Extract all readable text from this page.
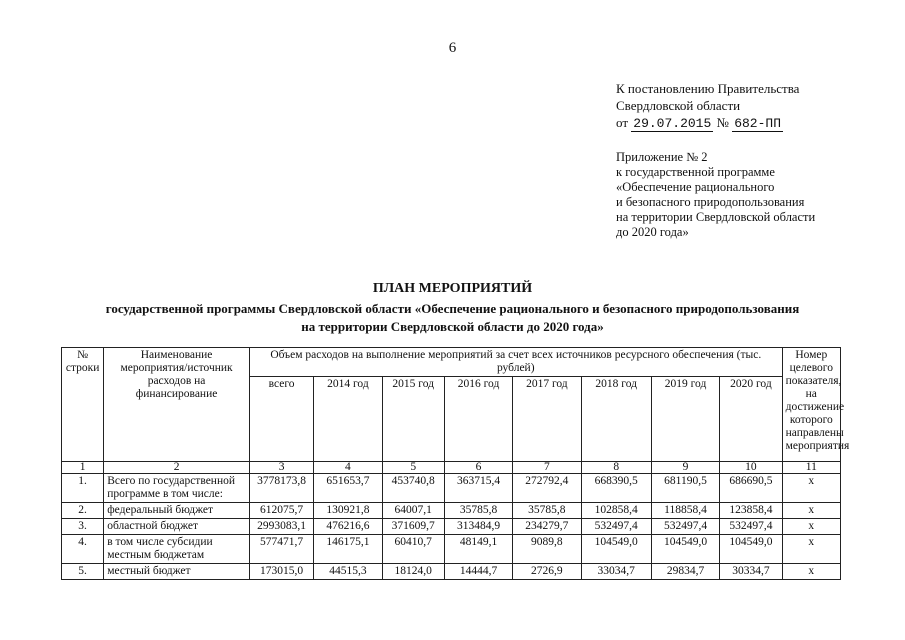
6
К постановлению Правительства
Свердловской области
от 29.07.2015 № 682-ПП
Приложение № 2
к государственной программе
«Обеспечение рационального
и безопасного природопользования
на территории Свердловской области
до 2020 года»
ПЛАН МЕРОПРИЯТИЙ
государственной программы Свердловской области «Обеспечение рационального и безопасного природопользования
на территории Свердловской области до 2020 года»
№ строки	Наименование мероприятия/источник расходов на финансирование	Объем расходов на выполнение мероприятий за счет всех источников ресурсного обеспечения (тыс. рублей)								Номер целевого показателя, на достижение которого направлены мероприятия
		всего	2014 год	2015 год	2016 год	2017 год	2018 год	2019 год	2020 год	
1	2	3	4	5	6	7	8	9	10	11
1.	Всего по государственной программе в том числе:	3778173,8	651653,7	453740,8	363715,4	272792,4	668390,5	681190,5	686690,5	x
2.	федеральный бюджет	612075,7	130921,8	64007,1	35785,8	35785,8	102858,4	118858,4	123858,4	x
3.	областной бюджет	2993083,1	476216,6	371609,7	313484,9	234279,7	532497,4	532497,4	532497,4	x
4.	в том числе субсидии местным бюджетам	577471,7	146175,1	60410,7	48149,1	9089,8	104549,0	104549,0	104549,0	x
5.	местный бюджет	173015,0	44515,3	18124,0	14444,7	2726,9	33034,7	29834,7	30334,7	x
